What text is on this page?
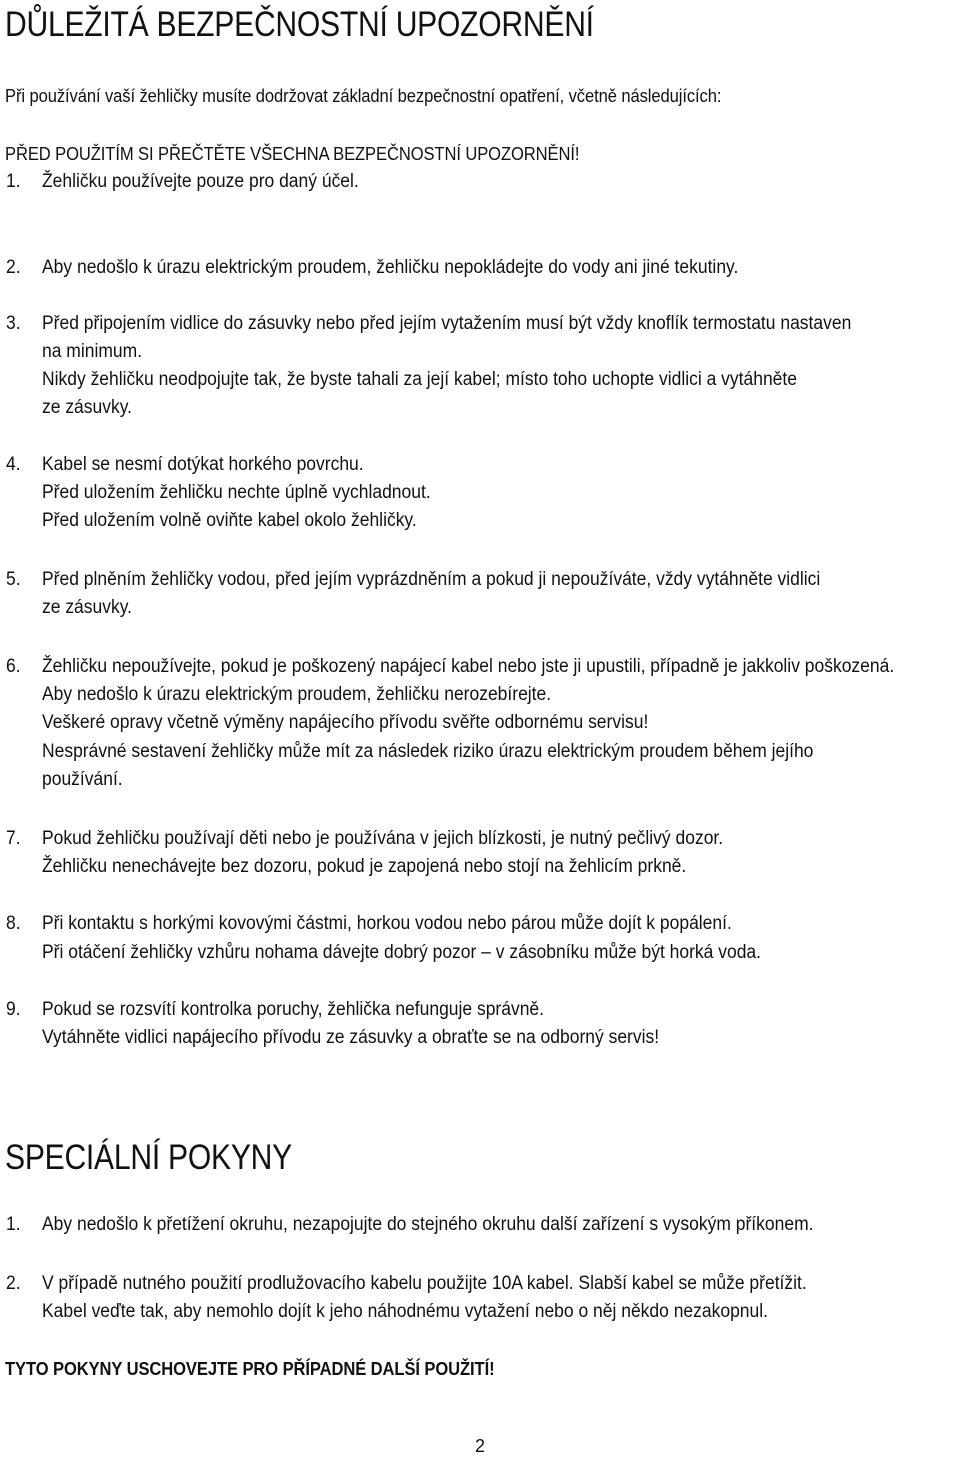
DŮLEŽITÁ BEZPEČNOSTNÍ UPOZORNĚNÍ

Při používání vaší žehličky musíte dodržovat základní bezpečnostní opatření, včetně následujících:

PŘED POUŽITÍM SI PŘEČTĚTE VŠECHNA BEZPEČNOSTNÍ UPOZORNĚNÍ!

1. Žehličku používejte pouze pro daný účel.

2. Aby nedošlo k úrazu elektrickým proudem, žehličku nepokládejte do vody ani jiné tekutiny.

3. Před připojením vidlice do zásuvky nebo před jejím vytažením musí být vždy knoflík termostatu nastaven

na minimum.

Nikdy žehličku neodpojujte tak, že byste tahali za její kabel; místo toho uchopte vidlici a vytáhněte

ze zásuvky.

4. Kabel se nesmí dotýkat horkého povrchu.

Před uložením žehličku nechte úplně vychladnout.

Před uložením volně oviňte kabel okolo žehličky.

5. Před plněním žehličky vodou, před jejím vyprázdněním a pokud ji nepoužíváte, vždy vytáhněte vidlici

ze zásuvky.

6. Žehličku nepoužívejte, pokud je poškozený napájecí kabel nebo jste ji upustili, případně je jakkoliv poškozená.

Aby nedošlo k úrazu elektrickým proudem, žehličku nerozebírejte.

Veškeré opravy včetně výměny napájecího přívodu svěřte odbornému servisu!

Nesprávné sestavení žehličky může mít za následek riziko úrazu elektrickým proudem během jejího

používání.

7. Pokud žehličku používají děti nebo je používána v jejich blízkosti, je nutný pečlivý dozor.

Žehličku nenechávejte bez dozoru, pokud je zapojená nebo stojí na žehlicím prkně.

8. Při kontaktu s horkými kovovými částmi, horkou vodou nebo párou může dojít k popálení.

Při otáčení žehličky vzhůru nohama dávejte dobrý pozor – v zásobníku může být horká voda.

9. Pokud se rozsvítí kontrolka poruchy, žehlička nefunguje správně.

Vytáhněte vidlici napájecího přívodu ze zásuvky a obraťte se na odborný servis!

SPECIÁLNÍ POKYNY
1. Aby nedošlo k přetížení okruhu, nezapojujte do stejného okruhu další zařízení s vysokým příkonem.

2. V případě nutného použití prodlužovacího kabelu použijte 10A kabel. Slabší kabel se může přetížit.

Kabel veďte tak, aby nemohlo dojít k jeho náhodnému vytažení nebo o něj někdo nezakopnul.

TYTO POKYNY USCHOVEJTE PRO PŘÍPADNÉ DALŠÍ POUŽITÍ!

2
